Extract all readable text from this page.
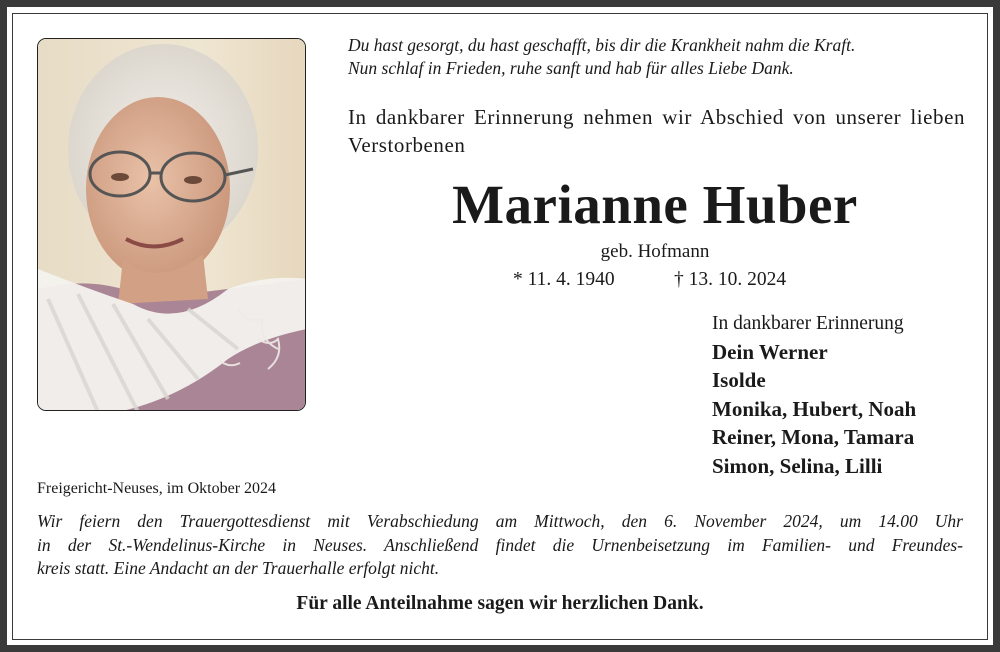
Du hast gesorgt, du hast geschafft, bis dir die Krankheit nahm die Kraft.
Nun schlaf in Frieden, ruhe sanft und hab für alles Liebe Dank.

In dankbarer Erinnerung nehmen wir Abschied von unserer lieben Verstorbenen

Marianne Huber
geb. Hofmann
* 11. 4. 1940	† 13. 10. 2024
In dankbarer Erinnerung
Dein Werner
Isolde
Monika, Hubert, Noah
Reiner, Mona, Tamara
Simon, Selina, Lilli
Freigericht-Neuses, im Oktober 2024
Wir feiern den Trauergottesdienst mit Verabschiedung am Mittwoch, den 6. November 2024, um 14.00 Uhr
in der St.-Wendelinus-Kirche in Neuses. Anschließend findet die Urnenbeisetzung im Familien- und Freundes-
kreis statt. Eine Andacht an der Trauerhalle erfolgt nicht.
Für alle Anteilnahme sagen wir herzlichen Dank.
